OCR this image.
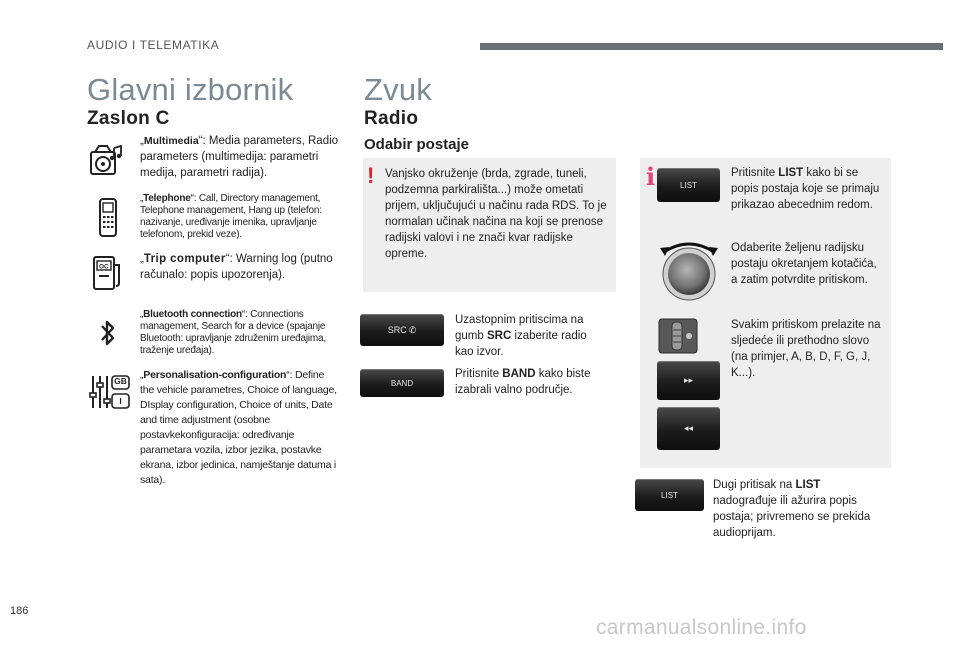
AUDIO I TELEMATIKA
Glavni izbornik
Zaslon C
„Multimedia“: Media parameters, Radio parameters (multimedija: parametri medija, parametri radija).
„Telephone“: Call, Directory management, Telephone management, Hang up (telefon: nazivanje, uređivanje imenika, upravljanje telefonom, prekid veze).
OC
„Trip computer“: Warning log (putno računalo: popis upozorenja).
„Bluetooth connection“: Connections management, Search for a device (spajanje Bluetooth: upravljanje združenim uređajima, traženje uređaja).
GB
I
„Personalisation-configuration“: Define the vehicle parametres, Choice of language, DIsplay configuration, Choice of units, Date and time adjustment (osobne postavkekonfiguracija: određivanje parametara vozila, izbor jezika, postavke ekrana, izbor jedinica, namještanje datuma i sata).
Zvuk
Radio
Odabir postaje
! Vanjsko okruženje (brda, zgrade, tuneli, podzemna parkirališta...) može ometati prijem, uključujući u načinu rada RDS. To je normalan učinak načina na koji se prenose radijski valovi i ne znači kvar radijske opreme.
SRC ✆
Uzastopnim pritiscima na gumb SRC izaberite radio kao izvor.
BAND
Pritisnite BAND kako biste izabrali valno područje.
i	LIST
Pritisnite LIST kako bi se popis postaja koje se primaju prikazao abecednim redom.
Odaberite željenu radijsku postaju okretanjem kotačića, a zatim potvrdite pritiskom.
Svakim pritiskom prelazite na sljedeće ili prethodno slovo (na primjer, A, B, D, F, G, J, K...).
▸▸
◂◂
LIST
Dugi pritisak na LIST nadograđuje ili ažurira popis postaja; privremeno se prekida audioprijam.
186
carmanualsonline.info
